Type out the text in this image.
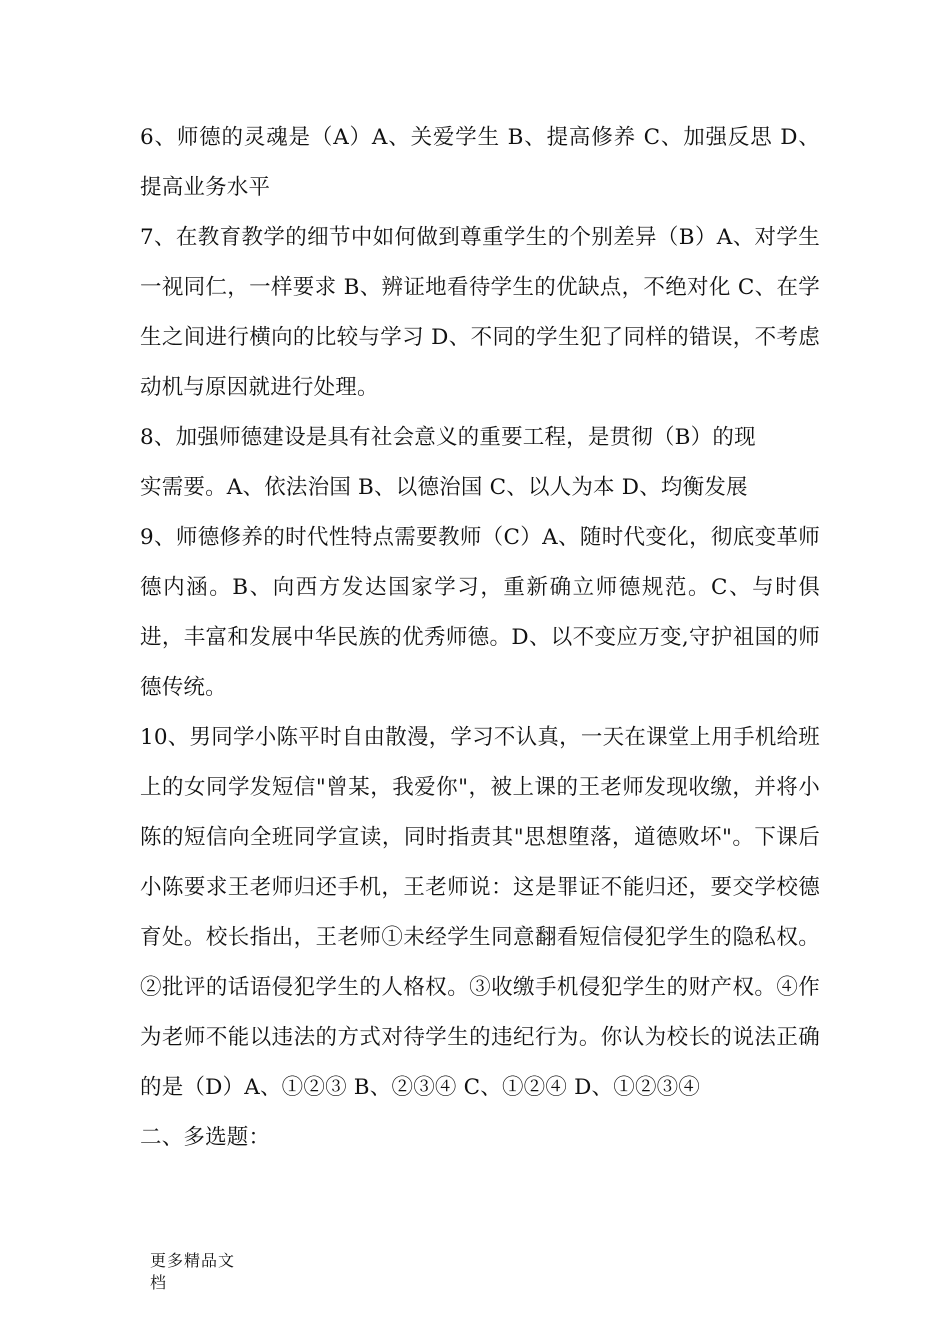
6、师德的灵魂是（A）A、关爱学生 B、提高修养 C、加强反思 D、提高业务水平

7、在教育教学的细节中如何做到尊重学生的个别差异（B）A、对学生一视同仁，一样要求 B、辨证地看待学生的优缺点，不绝对化 C、在学生之间进行横向的比较与学习 D、不同的学生犯了同样的错误，不考虑动机与原因就进行处理。

8、加强师德建设是具有社会意义的重要工程，是贯彻（B）的现

实需要。A、依法治国 B、以德治国 C、以人为本 D、均衡发展

9、师德修养的时代性特点需要教师（C）A、随时代变化，彻底变革师德内涵。B、向西方发达国家学习，重新确立师德规范。C、与时俱进，丰富和发展中华民族的优秀师德。D、以不变应万变,守护祖国的师德传统。

10、男同学小陈平时自由散漫，学习不认真，一天在课堂上用手机给班上的女同学发短信"曾某，我爱你"，被上课的王老师发现收缴，并将小陈的短信向全班同学宣读，同时指责其"思想堕落，道德败坏"。下课后小陈要求王老师归还手机，王老师说：这是罪证不能归还，要交学校德育处。校长指出，王老师①未经学生同意翻看短信侵犯学生的隐私权。②批评的话语侵犯学生的人格权。③收缴手机侵犯学生的财产权。④作为老师不能以违法的方式对待学生的违纪行为。你认为校长的说法正确的是（D）A、①②③ B、②③④ C、①②④ D、①②③④

二、多选题：

更多精品文档
